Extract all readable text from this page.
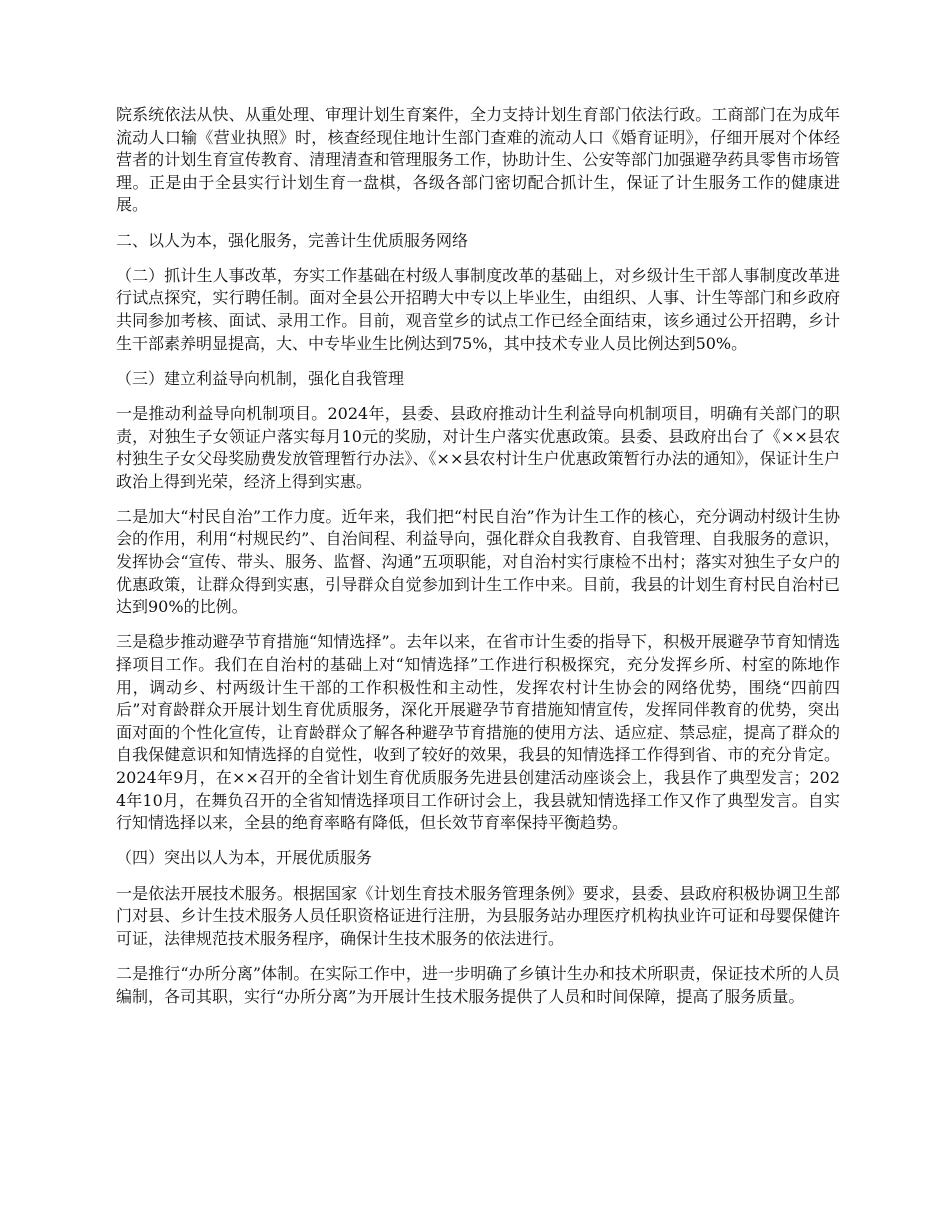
院系统依法从快、从重处理、审理计划生育案件，全力支持计划生育部门依法行政。工商部门在为成年流动人口输《营业执照》时，核查经现住地计生部门查难的流动人口《婚育证明》，仔细开展对个体经营者的计划生育宣传教育、清理清查和管理服务工作，协助计生、公安等部门加强避孕药具零售市场管理。正是由于全县实行计划生育一盘棋，各级各部门密切配合抓计生，保证了计生服务工作的健康进展。

二、以人为本，强化服务，完善计生优质服务网络

（二）抓计生人事改革，夯实工作基础在村级人事制度改革的基础上，对乡级计生干部人事制度改革进行试点探究，实行聘任制。面对全县公开招聘大中专以上毕业生，由组织、人事、计生等部门和乡政府共同参加考核、面试、录用工作。目前，观音堂乡的试点工作已经全面结束，该乡通过公开招聘，乡计生干部素养明显提高，大、中专毕业生比例达到75%，其中技术专业人员比例达到50%。

（三）建立利益导向机制，强化自我管理

一是推动利益导向机制项目。2024年，县委、县政府推动计生利益导向机制项目，明确有关部门的职责，对独生子女领证户落实每月10元的奖励，对计生户落实优惠政策。县委、县政府出台了《××县农村独生子女父母奖励费发放管理暂行办法》、《××县农村计生户优惠政策暂行办法的通知》，保证计生户政治上得到光荣，经济上得到实惠。

二是加大“村民自治”工作力度。近年来，我们把“村民自治”作为计生工作的核心，充分调动村级计生协会的作用，利用“村规民约”、自治间程、利益导向，强化群众自我教育、自我管理、自我服务的意识，发挥协会“宣传、带头、服务、监督、沟通”五项职能，对自治村实行康检不出村；落实对独生子女户的优惠政策，让群众得到实惠，引导群众自觉参加到计生工作中来。目前，我县的计划生育村民自治村已达到90%的比例。

三是稳步推动避孕节育措施“知情选择”。去年以来，在省市计生委的指导下，积极开展避孕节育知情选择项目工作。我们在自治村的基础上对“知情选择”工作进行积极探究，充分发挥乡所、村室的陈地作用，调动乡、村两级计生干部的工作积极性和主动性，发挥农村计生协会的网络优势，围绕“四前四后”对育龄群众开展计划生育优质服务，深化开展避孕节育措施知情宣传，发挥同伴教育的优势，突出面对面的个性化宣传，让育龄群众了解各种避孕节育措施的使用方法、适应症、禁忌症，提高了群众的自我保健意识和知情选择的自觉性，收到了较好的效果，我县的知情选择工作得到省、市的充分肯定。2024年9月，在××召开的全省计划生育优质服务先进县创建活动座谈会上，我县作了典型发言；2024年10月，在舞负召开的全省知情选择项目工作研讨会上，我县就知情选择工作又作了典型发言。自实行知情选择以来，全县的绝育率略有降低，但长效节育率保持平衡趋势。

（四）突出以人为本，开展优质服务

一是依法开展技术服务。根据国家《计划生育技术服务管理条例》要求，县委、县政府积极协调卫生部门对县、乡计生技术服务人员任职资格证进行注册，为县服务站办理医疗机构执业许可证和母婴保健许可证，法律规范技术服务程序，确保计生技术服务的依法进行。

二是推行“办所分离”体制。在实际工作中，进一步明确了乡镇计生办和技术所职责，保证技术所的人员编制，各司其职，实行“办所分离”为开展计生技术服务提供了人员和时间保障，提高了服务质量。
